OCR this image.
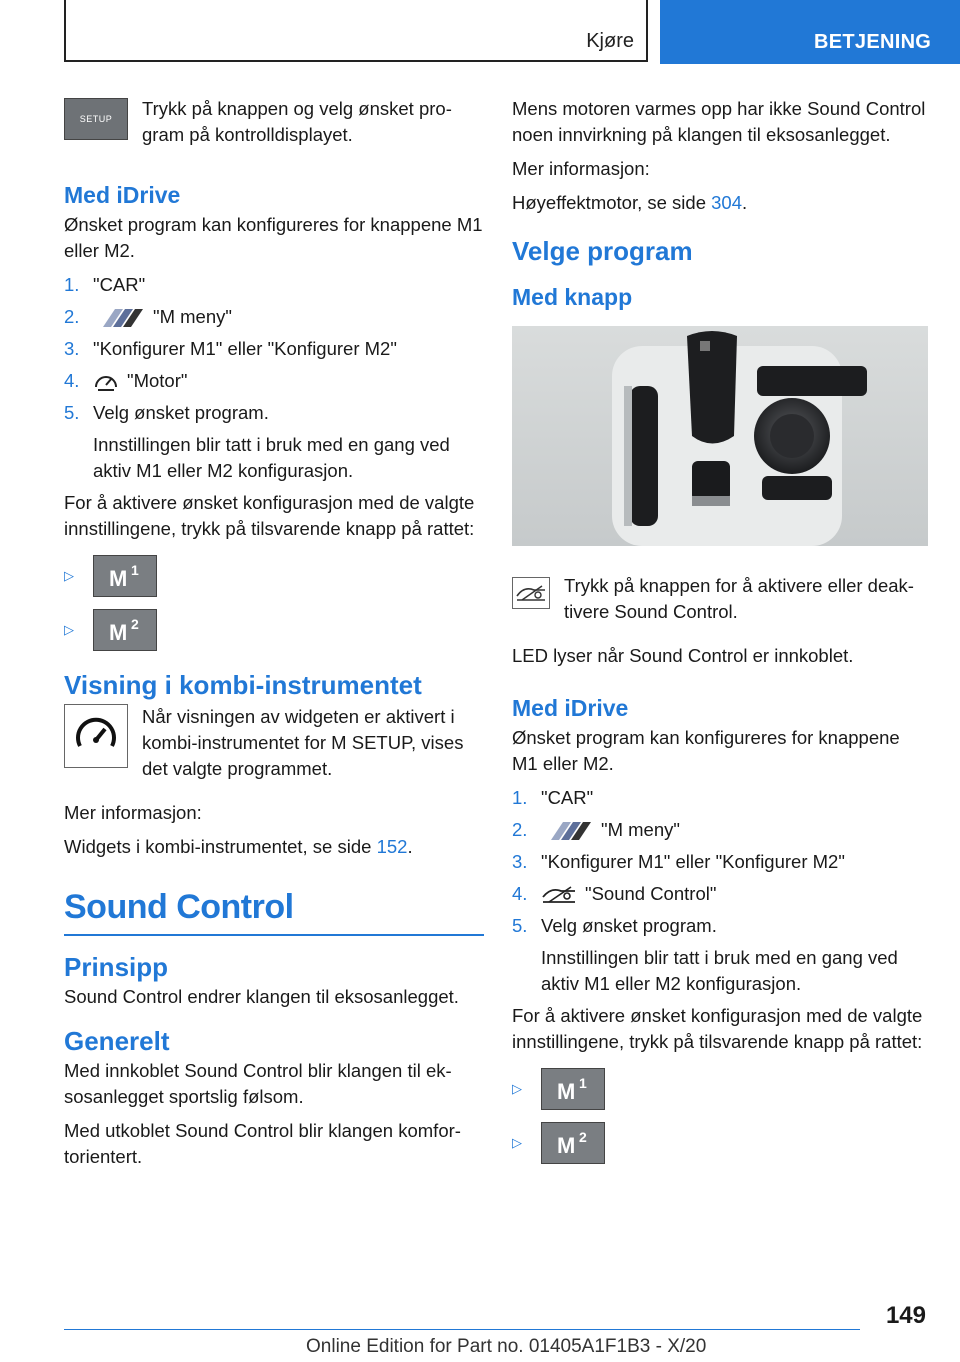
Kjøre	BETJENING
SETUP	Trykk på knappen og velg ønsket program på kontrolldisplayet.

Med iDrive

Ønsket program kan konfigureres for knappene M1 eller M2.

1. "CAR"
2.	"M meny"
3. "Konfigurer M1" eller "Konfigurer M2"
4.	"Motor"
5. Velg ønsket program.
Innstillingen blir tatt i bruk med en gang ved aktiv M1 eller M2 konfigurasjon.

For å aktivere ønsket konfigurasjon med de valgte innstillingene, trykk på tilsvarende knapp på rattet:

▷	M 1
▷	M 2
Visning i kombi-instrumentet

Når visningen av widgeten er aktivert i kombi-instrumentet for M SETUP, vises det valgte programmet.

Mer informasjon:

Widgets i kombi-instrumentet, se side 152.

Sound Control
Prinsipp

Sound Control endrer klangen til eksosanlegget.

Generelt

Med innkoblet Sound Control blir klangen til eksosanlegget sportslig følsom.

Med utkoblet Sound Control blir klangen komfortorientert.

Mens motoren varmes opp har ikke Sound Control noen innvirkning på klangen til eksosanlegget.

Mer informasjon:

Høyeffektmotor, se side 304.

Velge program
Med knapp

Trykk på knappen for å aktivere eller deaktivere Sound Control.

LED lyser når Sound Control er innkoblet.

Med iDrive

Ønsket program kan konfigureres for knappene M1 eller M2.

1. "CAR"
2.	"M meny"
3. "Konfigurer M1" eller "Konfigurer M2"
4.	"Sound Control"
5. Velg ønsket program.
Innstillingen blir tatt i bruk med en gang ved aktiv M1 eller M2 konfigurasjon.

For å aktivere ønsket konfigurasjon med de valgte innstillingene, trykk på tilsvarende knapp på rattet:

▷	M 1
▷	M 2
149
Online Edition for Part no. 01405A1F1B3 - X/20
